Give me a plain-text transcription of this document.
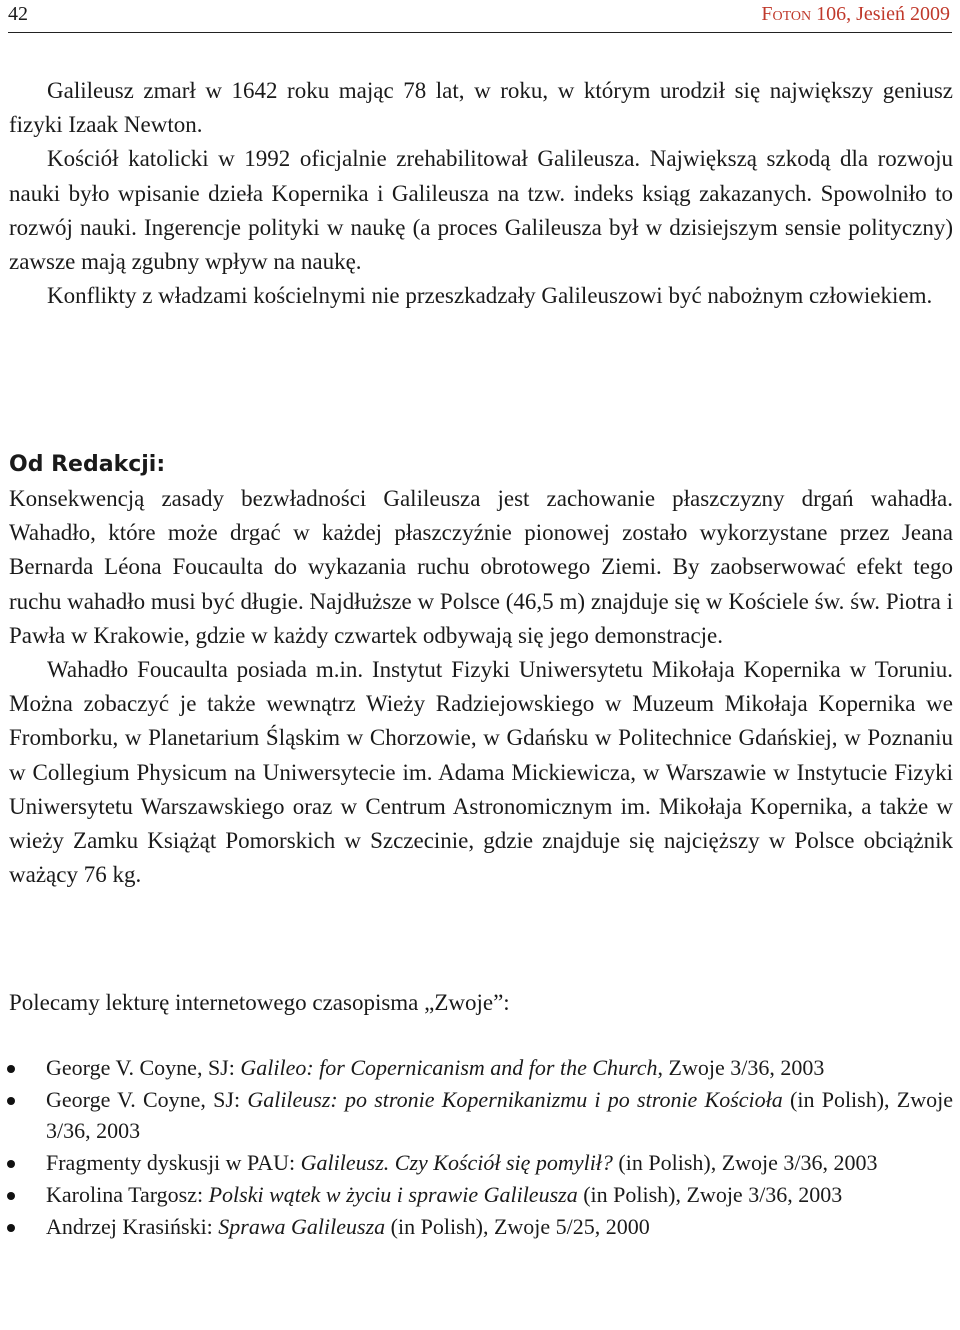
42	Foton 106, Jesień 2009

Galileusz zmarł w 1642 roku mając 78 lat, w roku, w którym urodził się największy geniusz fizyki Izaak Newton.

Kościół katolicki w 1992 oficjalnie zrehabilitował Galileusza. Największą szkodą dla rozwoju nauki było wpisanie dzieła Kopernika i Galileusza na tzw. indeks ksiąg zakazanych. Spowolniło to rozwój nauki. Ingerencje polityki w naukę (a proces Galileusza był w dzisiejszym sensie polityczny) zawsze mają zgubny wpływ na naukę.

Konflikty z władzami kościelnymi nie przeszkadzały Galileuszowi być nabożnym człowiekiem.

Od Redakcji:

Konsekwencją zasady bezwładności Galileusza jest zachowanie płaszczyzny drgań wahadła. Wahadło, które może drgać w każdej płaszczyźnie pionowej zostało wykorzystane przez Jeana Bernarda Léona Foucaulta do wykazania ruchu obrotowego Ziemi. By zaobserwować efekt tego ruchu wahadło musi być długie. Najdłuższe w Polsce (46,5 m) znajduje się w Kościele św. św. Piotra i Pawła w Krakowie, gdzie w każdy czwartek odbywają się jego demonstracje.

Wahadło Foucaulta posiada m.in. Instytut Fizyki Uniwersytetu Mikołaja Kopernika w Toruniu. Można zobaczyć je także wewnątrz Wieży Radziejowskiego w Muzeum Mikołaja Kopernika we Fromborku, w Planetarium Śląskim w Chorzowie, w Gdańsku w Politechnice Gdańskiej, w Poznaniu w Collegium Physicum na Uniwersytecie im. Adama Mickiewicza, w Warszawie w Instytucie Fizyki Uniwersytetu Warszawskiego oraz w Centrum Astronomicznym im. Mikołaja Kopernika, a także w wieży Zamku Książąt Pomorskich w Szczecinie, gdzie znajduje się najcięższy w Polsce obciążnik ważący 76 kg.

Polecamy lekturę internetowego czasopisma „Zwoje”:
George V. Coyne, SJ: Galileo: for Copernicanism and for the Church, Zwoje 3/36, 2003
George V. Coyne, SJ: Galileusz: po stronie Kopernikanizmu i po stronie Kościoła (in Polish), Zwoje 3/36, 2003
Fragmenty dyskusji w PAU: Galileusz. Czy Kościół się pomylił? (in Polish), Zwoje 3/36, 2003
Karolina Targosz: Polski wątek w życiu i sprawie Galileusza (in Polish), Zwoje 3/36, 2003
Andrzej Krasiński: Sprawa Galileusza (in Polish), Zwoje 5/25, 2000
